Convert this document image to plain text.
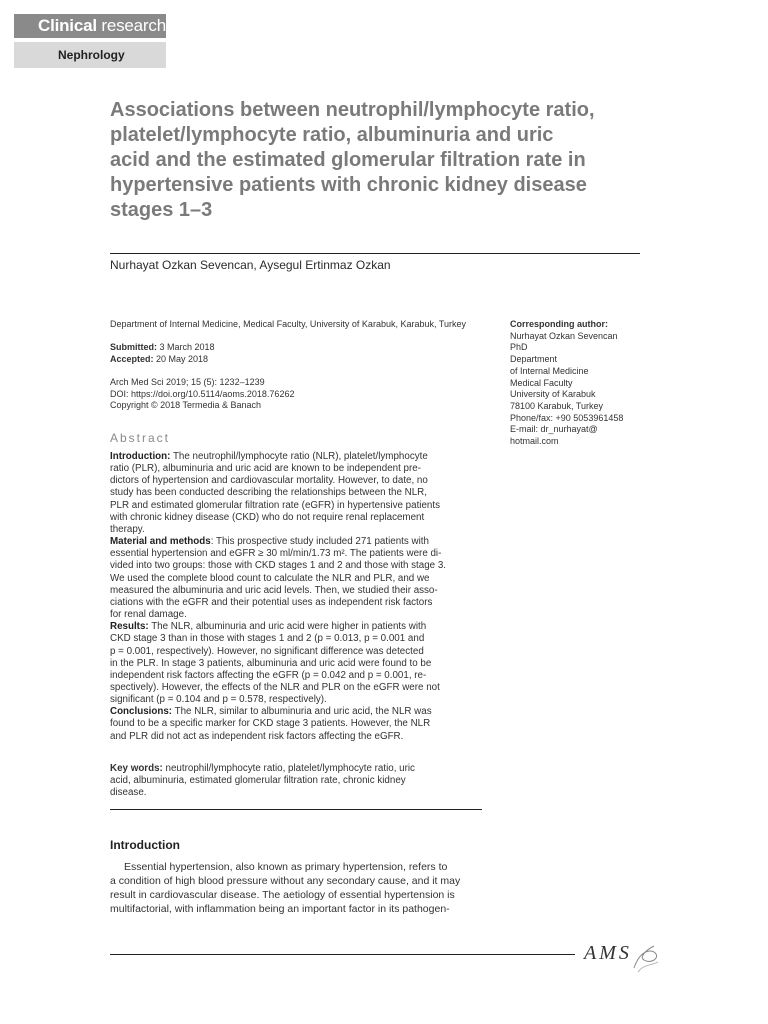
Clinical research
Nephrology
Associations between neutrophil/lymphocyte ratio,
platelet/lymphocyte ratio, albuminuria and uric
acid and the estimated glomerular filtration rate in
hypertensive patients with chronic kidney disease
stages 1–3
Nurhayat Ozkan Sevencan, Aysegul Ertinmaz Ozkan
Department of Internal Medicine, Medical Faculty, University of Karabuk, Karabuk, Turkey
Submitted: 3 March 2018
Accepted: 20 May 2018
Arch Med Sci 2019; 15 (5): 1232–1239
DOI: https://doi.org/10.5114/aoms.2018.76262
Copyright © 2018 Termedia & Banach
Corresponding author:
Nurhayat Ozkan Sevencan
PhD
Department
of Internal Medicine
Medical Faculty
University of Karabuk
78100 Karabuk, Turkey
Phone/fax: +90 5053961458
E-mail: dr_nurhayat@
hotmail.com
Abstract
Introduction: The neutrophil/lymphocyte ratio (NLR), platelet/lymphocyte
ratio (PLR), albuminuria and uric acid are known to be independent pre-
dictors of hypertension and cardiovascular mortality. However, to date, no
study has been conducted describing the relationships between the NLR,
PLR and estimated glomerular filtration rate (eGFR) in hypertensive patients
with chronic kidney disease (CKD) who do not require renal replacement
therapy.
Material and methods: This prospective study included 271 patients with
essential hypertension and eGFR ≥ 30 ml/min/1.73 m². The patients were di-
vided into two groups: those with CKD stages 1 and 2 and those with stage 3.
We used the complete blood count to calculate the NLR and PLR, and we
measured the albuminuria and uric acid levels. Then, we studied their asso-
ciations with the eGFR and their potential uses as independent risk factors
for renal damage.
Results: The NLR, albuminuria and uric acid were higher in patients with
CKD stage 3 than in those with stages 1 and 2 (p = 0.013, p = 0.001 and
p = 0.001, respectively). However, no significant difference was detected
in the PLR. In stage 3 patients, albuminuria and uric acid were found to be
independent risk factors affecting the eGFR (p = 0.042 and p = 0.001, re-
spectively). However, the effects of the NLR and PLR on the eGFR were not
significant (p = 0.104 and p = 0.578, respectively).
Conclusions: The NLR, similar to albuminuria and uric acid, the NLR was
found to be a specific marker for CKD stage 3 patients. However, the NLR
and PLR did not act as independent risk factors affecting the eGFR.
Key words: neutrophil/lymphocyte ratio, platelet/lymphocyte ratio, uric
acid, albuminuria, estimated glomerular filtration rate, chronic kidney
disease.
Introduction
Essential hypertension, also known as primary hypertension, refers to
a condition of high blood pressure without any secondary cause, and it may
result in cardiovascular disease. The aetiology of essential hypertension is
multifactorial, with inflammation being an important factor in its pathogen-
AMS
